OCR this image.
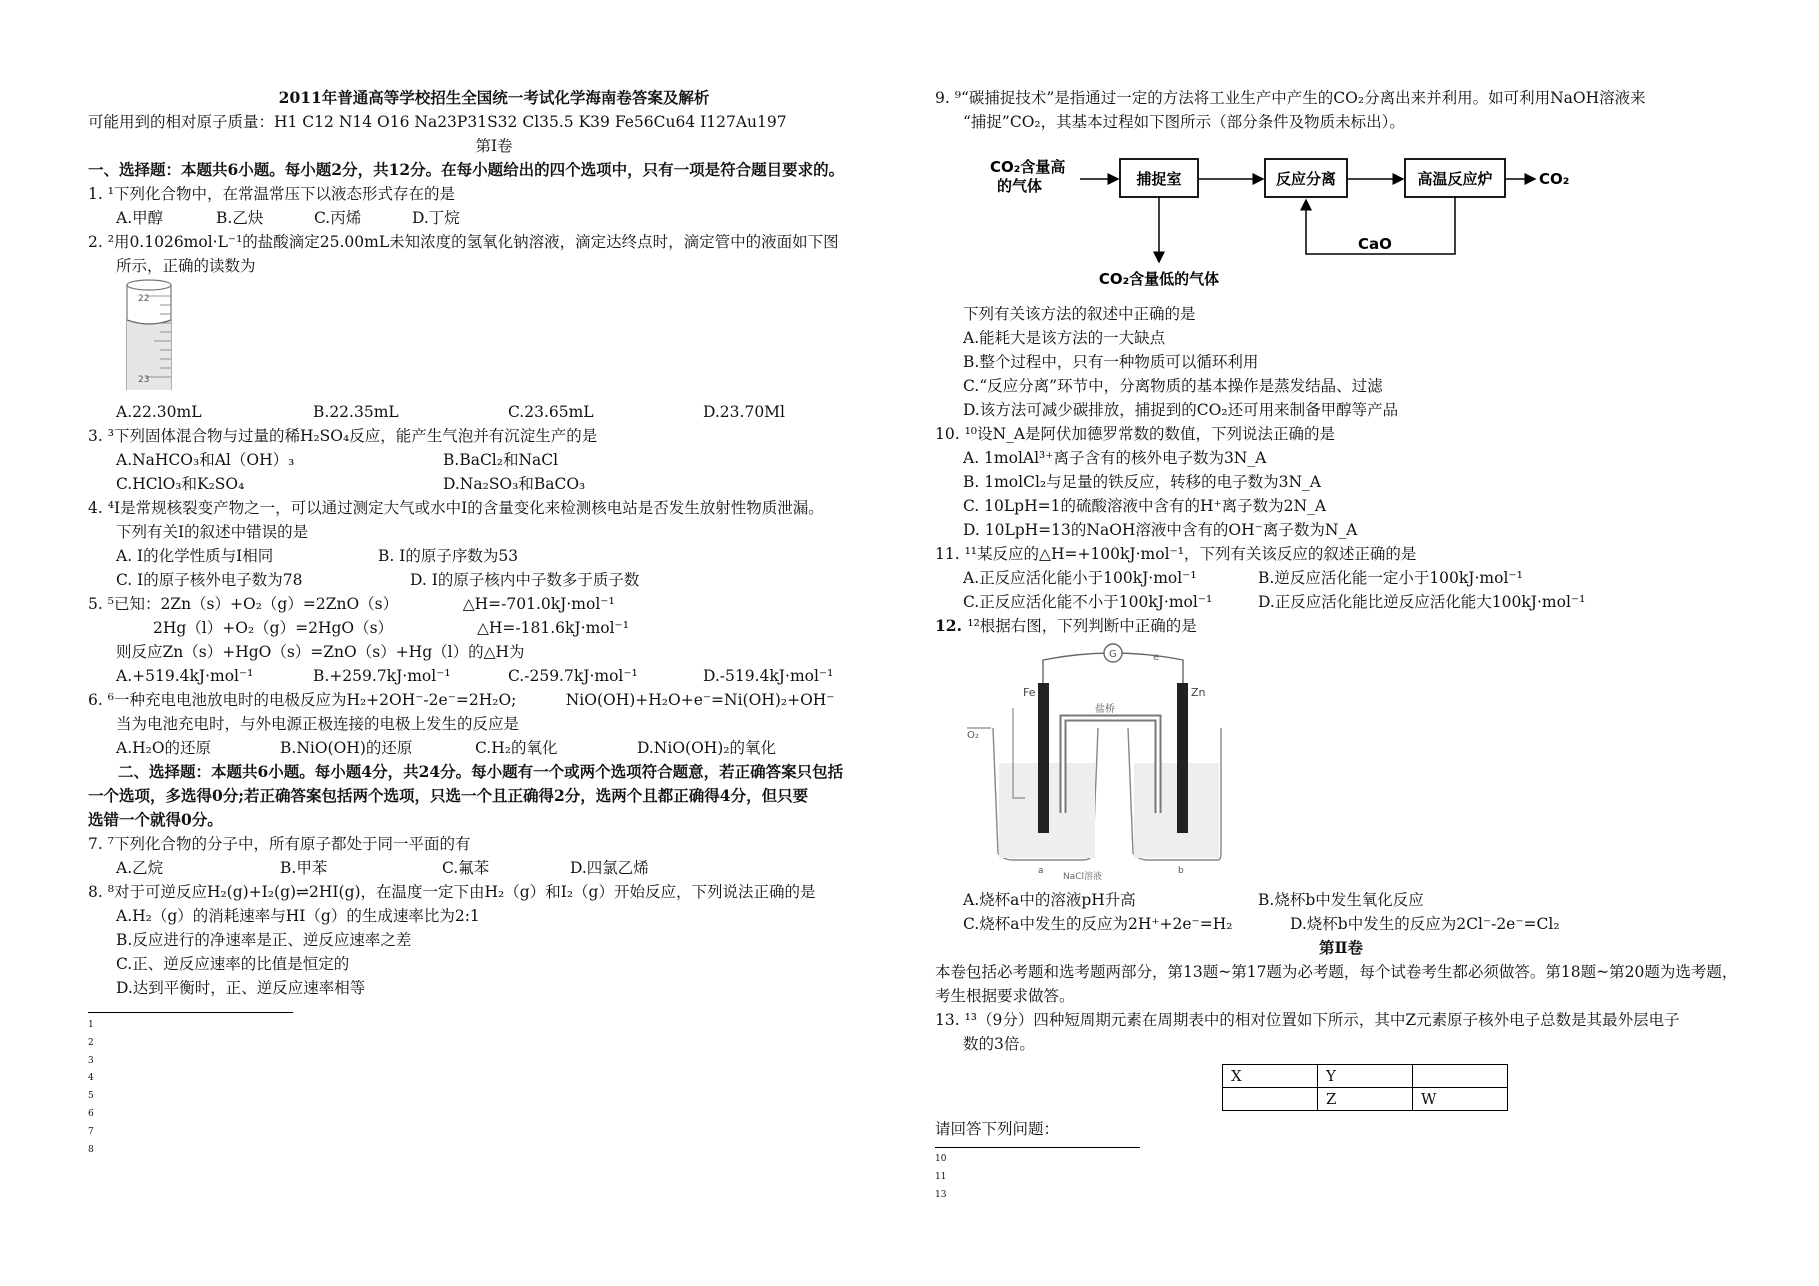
2011年普通高等学校招生全国统一考试化学海南卷答案及解析
可能用到的相对原子质量：H1 C12 N14 O16 Na23P31S32 Cl35.5 K39 Fe56Cu64 I127Au197
第Ⅰ卷
一、选择题：本题共6小题。每小题2分，共12分。在每小题给出的四个选项中，只有一项是符合题目要求的。
1. ¹下列化合物中，在常温常压下以液态形式存在的是
A.甲醇	B.乙炔	C.丙烯	D.丁烷
2. ²用0.1026mol·L⁻¹的盐酸滴定25.00mL未知浓度的氢氧化钠溶液，滴定达终点时，滴定管中的液面如下图
所示，正确的读数为
22
23
A.22.30mL	B.22.35mL	C.23.65mL	D.23.70Ml
3. ³下列固体混合物与过量的稀H₂SO₄反应，能产生气泡并有沉淀生产的是
A.NaHCO₃和Al（OH）₃	B.BaCl₂和NaCl
C.HClO₃和K₂SO₄	D.Na₂SO₃和BaCO₃
4. ⁴I是常规核裂变产物之一，可以通过测定大气或水中I的含量变化来检测核电站是否发生放射性物质泄漏。
下列有关I的叙述中错误的是
A. I的化学性质与I相同	B. I的原子序数为53
C. I的原子核外电子数为78	D. I的原子核内中子数多于质子数
5. ⁵已知：2Zn（s）+O₂（g）=2ZnO（s）	△H=-701.0kJ·mol⁻¹
2Hg（l）+O₂（g）=2HgO（s）	△H=-181.6kJ·mol⁻¹
则反应Zn（s）+HgO（s）=ZnO（s）+Hg（l）的△H为
A.+519.4kJ·mol⁻¹	B.+259.7kJ·mol⁻¹	C.-259.7kJ·mol⁻¹	D.-519.4kJ·mol⁻¹
6. ⁶一种充电电池放电时的电极反应为H₂+2OH⁻-2e⁻=2H₂O;	NiO(OH)+H₂O+e⁻=Ni(OH)₂+OH⁻
当为电池充电时，与外电源正极连接的电极上发生的反应是
A.H₂O的还原	B.NiO(OH)的还原	C.H₂的氧化	D.NiO(OH)₂的氧化
二、选择题：本题共6小题。每小题4分，共24分。每小题有一个或两个选项符合题意，若正确答案只包括
一个选项，多选得0分;若正确答案包括两个选项，只选一个且正确得2分，选两个且都正确得4分，但只要
选错一个就得0分。
7. ⁷下列化合物的分子中，所有原子都处于同一平面的有
A.乙烷	B.甲苯	C.氟苯	D.四氯乙烯
8. ⁸对于可逆反应H₂(g)+I₂(g)⇌2HI(g)，在温度一定下由H₂（g）和I₂（g）开始反应，下列说法正确的是
A.H₂（g）的消耗速率与HI（g）的生成速率比为2:1
B.反应进行的净速率是正、逆反应速率之差
C.正、逆反应速率的比值是恒定的
D.达到平衡时，正、逆反应速率相等
1
2
3
4
5
6
7
8
9. ⁹“碳捕捉技术”是指通过一定的方法将工业生产中产生的CO₂分离出来并利用。如可利用NaOH溶液来
“捕捉”CO₂，其基本过程如下图所示（部分条件及物质未标出）。
CO₂含量高
的气体	捕捉室	反应分离	高温反应炉	CO₂
CaO
CO₂含量低的气体
下列有关该方法的叙述中正确的是
A.能耗大是该方法的一大缺点
B.整个过程中，只有一种物质可以循环利用
C.“反应分离”环节中，分离物质的基本操作是蒸发结晶、过滤
D.该方法可减少碳排放，捕捉到的CO₂还可用来制备甲醇等产品
10. ¹⁰设N_A是阿伏加德罗常数的数值，下列说法正确的是
A. 1molAl³⁺离子含有的核外电子数为3N_A
B. 1molCl₂与足量的铁反应，转移的电子数为3N_A
C. 10LpH=1的硫酸溶液中含有的H⁺离子数为2N_A
D. 10LpH=13的NaOH溶液中含有的OH⁻离子数为N_A
11. ¹¹某反应的△H=+100kJ·mol⁻¹，下列有关该反应的叙述正确的是
A.正反应活化能小于100kJ·mol⁻¹	B.逆反应活化能一定小于100kJ·mol⁻¹
C.正反应活化能不小于100kJ·mol⁻¹	D.正反应活化能比逆反应活化能大100kJ·mol⁻¹
12. ¹²根据右图，下列判断中正确的是
G	e
盐桥
Fe	Zn
O₂
a	b
NaCl溶液
A.烧杯a中的溶液pH升高	B.烧杯b中发生氧化反应
C.烧杯a中发生的反应为2H⁺+2e⁻=H₂	D.烧杯b中发生的反应为2Cl⁻-2e⁻=Cl₂
第Ⅱ卷
本卷包括必考题和选考题两部分，第13题~第17题为必考题，每个试卷考生都必须做答。第18题~第20题为选考题，考生根据要求做答。
13. ¹³（9分）四种短周期元素在周期表中的相对位置如下所示，其中Z元素原子核外电子总数是其最外层电子
数的3倍。
X	Y	
	Z	W
请回答下列问题：
10
11
13
